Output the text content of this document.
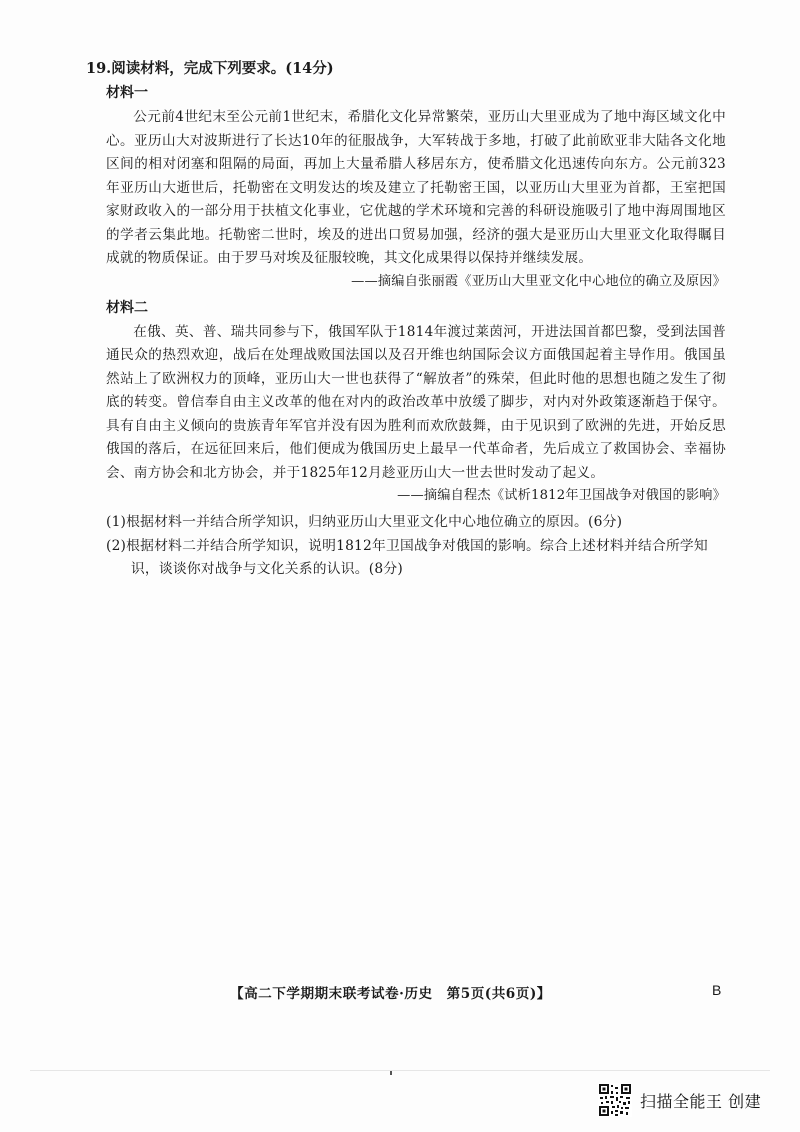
19.阅读材料，完成下列要求。(14分)

材料一

公元前4世纪末至公元前1世纪末，希腊化文化异常繁荣，亚历山大里亚成为了地中海区域文化中心。亚历山大对波斯进行了长达10年的征服战争，大军转战于多地，打破了此前欧亚非大陆各文化地区间的相对闭塞和阻隔的局面，再加上大量希腊人移居东方，使希腊文化迅速传向东方。公元前323年亚历山大逝世后，托勒密在文明发达的埃及建立了托勒密王国，以亚历山大里亚为首都，王室把国家财政收入的一部分用于扶植文化事业，它优越的学术环境和完善的科研设施吸引了地中海周围地区的学者云集此地。托勒密二世时，埃及的进出口贸易加强，经济的强大是亚历山大里亚文化取得瞩目成就的物质保证。由于罗马对埃及征服较晚，其文化成果得以保持并继续发展。

——摘编自张丽霞《亚历山大里亚文化中心地位的确立及原因》

材料二

在俄、英、普、瑞共同参与下，俄国军队于1814年渡过莱茵河，开进法国首都巴黎，受到法国普通民众的热烈欢迎，战后在处理战败国法国以及召开维也纳国际会议方面俄国起着主导作用。俄国虽然站上了欧洲权力的顶峰，亚历山大一世也获得了“解放者”的殊荣，但此时他的思想也随之发生了彻底的转变。曾信奉自由主义改革的他在对内的政治改革中放缓了脚步，对内对外政策逐渐趋于保守。具有自由主义倾向的贵族青年军官并没有因为胜利而欢欣鼓舞，由于见识到了欧洲的先进，开始反思俄国的落后，在远征回来后，他们便成为俄国历史上最早一代革命者，先后成立了救国协会、幸福协会、南方协会和北方协会，并于1825年12月趁亚历山大一世去世时发动了起义。

——摘编自程杰《试析1812年卫国战争对俄国的影响》

(1)根据材料一并结合所学知识，归纳亚历山大里亚文化中心地位确立的原因。(6分)

(2)根据材料二并结合所学知识，说明1812年卫国战争对俄国的影响。综合上述材料并结合所学知识，谈谈你对战争与文化关系的认识。(8分)

【高二下学期期末联考试卷·历史　第5页(共6页)】	B
扫描全能王 创建
